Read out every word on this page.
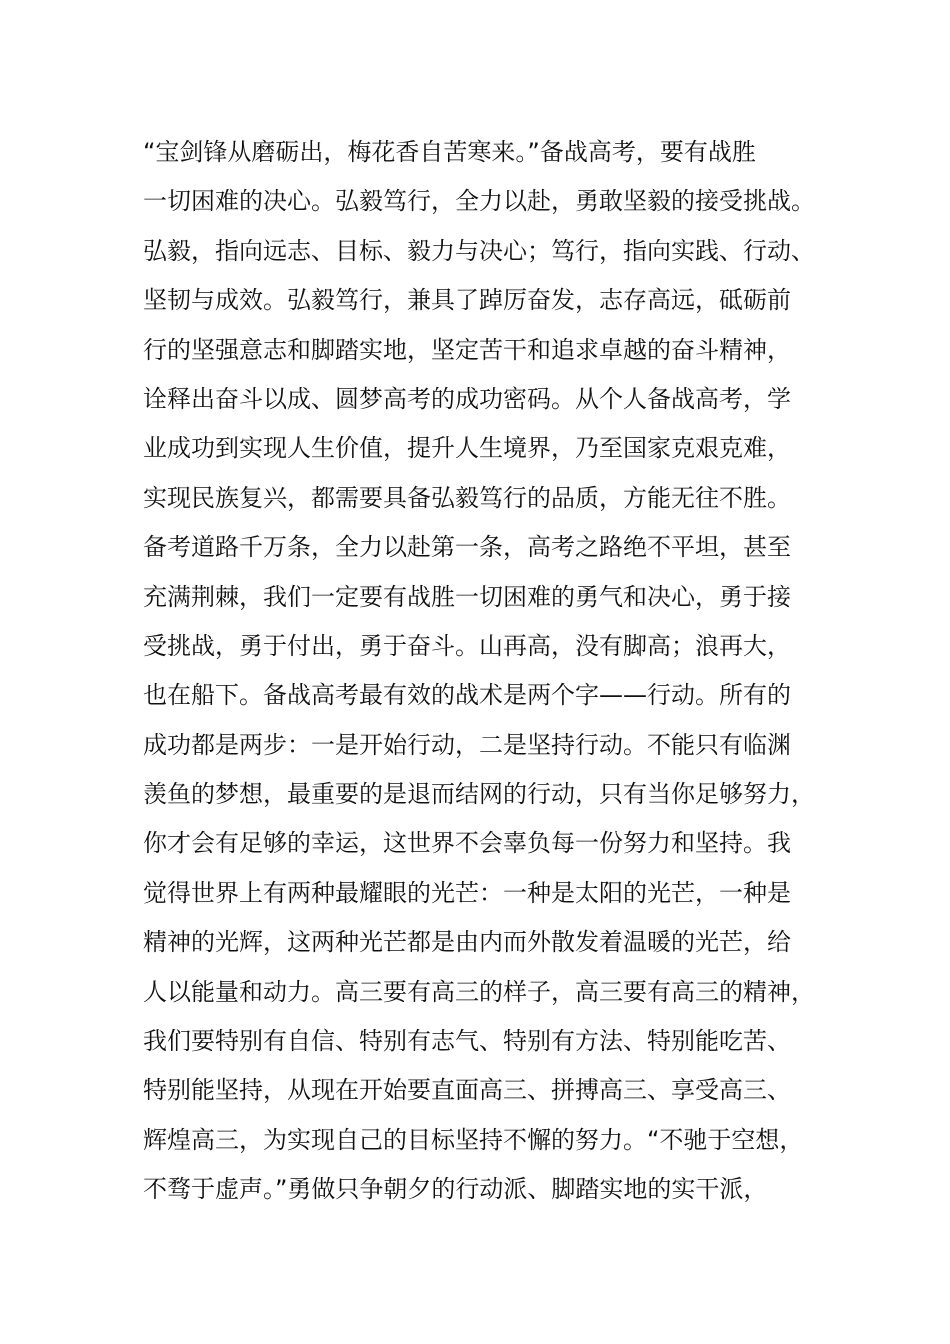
“宝剑锋从磨砺出，梅花香自苦寒来。”备战高考，要有战胜
一切困难的决心。弘毅笃行，全力以赴，勇敢坚毅的接受挑战。
弘毅，指向远志、目标、毅力与决心；笃行，指向实践、行动、
坚韧与成效。弘毅笃行，兼具了踔厉奋发，志存高远，砥砺前
行的坚强意志和脚踏实地，坚定苦干和追求卓越的奋斗精神，
诠释出奋斗以成、圆梦高考的成功密码。从个人备战高考，学
业成功到实现人生价值，提升人生境界，乃至国家克艰克难，
实现民族复兴，都需要具备弘毅笃行的品质，方能无往不胜。
备考道路千万条，全力以赴第一条，高考之路绝不平坦，甚至
充满荆棘，我们一定要有战胜一切困难的勇气和决心，勇于接
受挑战，勇于付出，勇于奋斗。山再高，没有脚高；浪再大，
也在船下。备战高考最有效的战术是两个字——行动。所有的
成功都是两步：一是开始行动，二是坚持行动。不能只有临渊
羡鱼的梦想，最重要的是退而结网的行动，只有当你足够努力，
你才会有足够的幸运，这世界不会辜负每一份努力和坚持。我
觉得世界上有两种最耀眼的光芒：一种是太阳的光芒，一种是
精神的光辉，这两种光芒都是由内而外散发着温暖的光芒，给
人以能量和动力。高三要有高三的样子，高三要有高三的精神，
我们要特别有自信、特别有志气、特别有方法、特别能吃苦、
特别能坚持，从现在开始要直面高三、拼搏高三、享受高三、
辉煌高三，为实现自己的目标坚持不懈的努力。“不驰于空想，
不骛于虚声。”勇做只争朝夕的行动派、脚踏实地的实干派，
